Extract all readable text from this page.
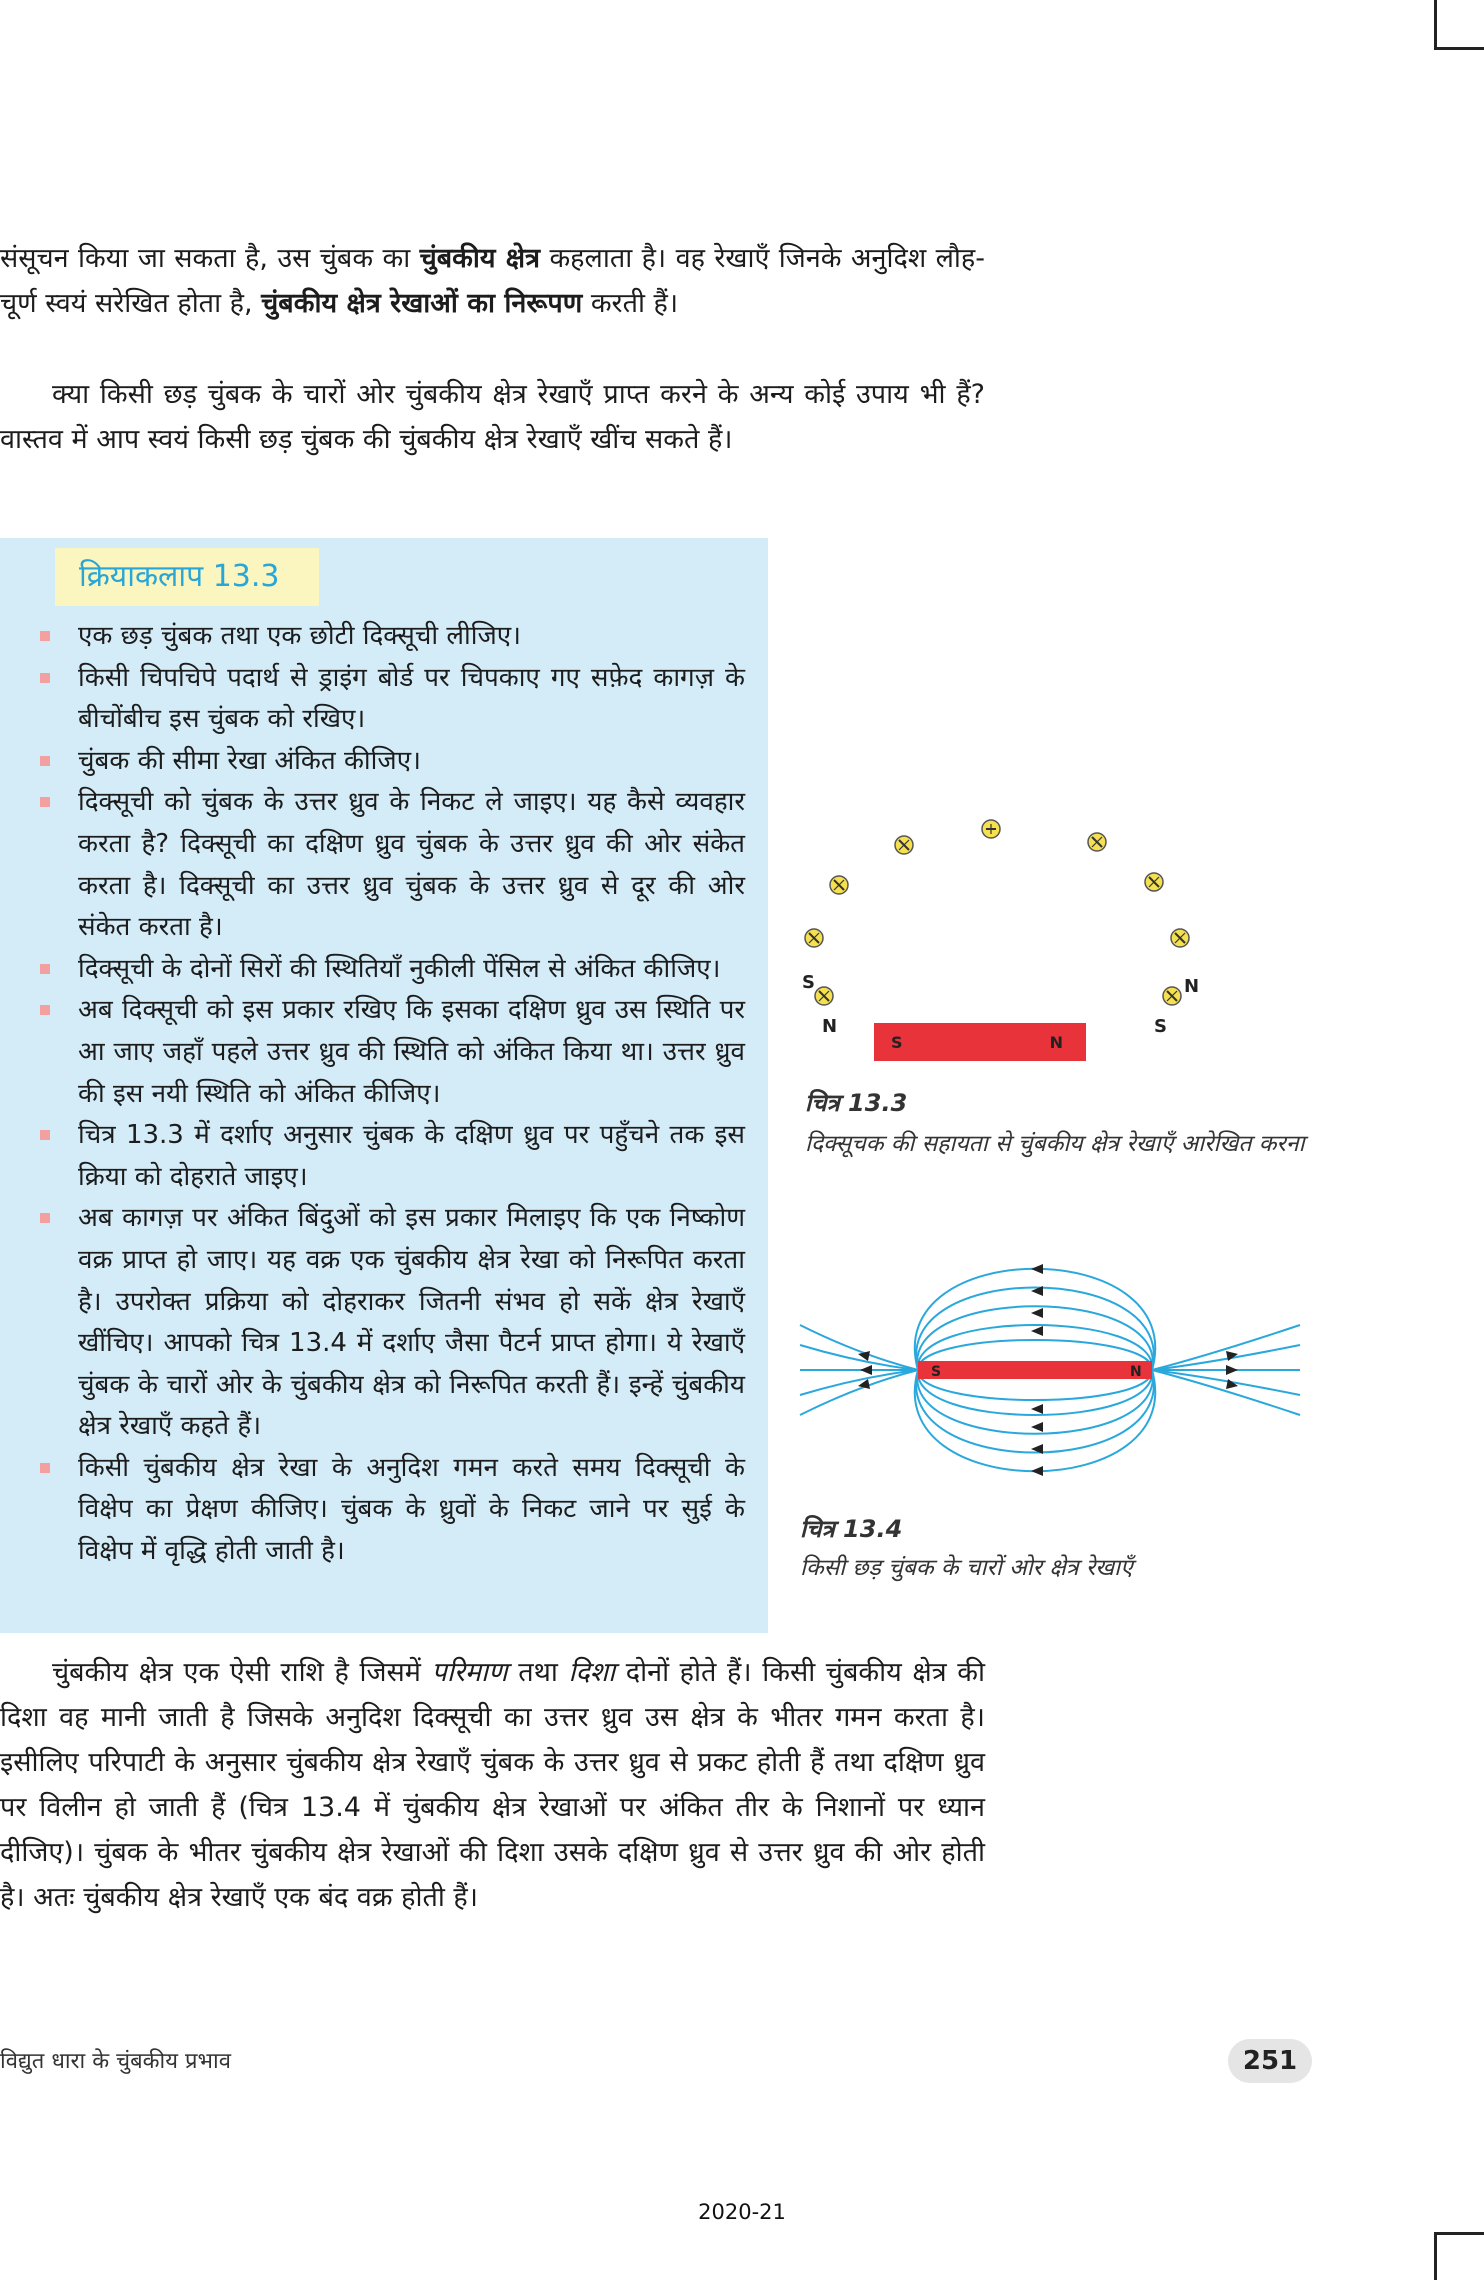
संसूचन किया जा सकता है, उस चुंबक का चुंबकीय क्षेत्र कहलाता है। वह रेखाएँ जिनके अनुदिश लौह-चूर्ण स्वयं सरेखित होता है, चुंबकीय क्षेत्र रेखाओं का निरूपण करती हैं।

क्या किसी छड़ चुंबक के चारों ओर चुंबकीय क्षेत्र रेखाएँ प्राप्त करने के अन्य कोई उपाय भी हैं? वास्तव में आप स्वयं किसी छड़ चुंबक की चुंबकीय क्षेत्र रेखाएँ खींच सकते हैं।

क्रियाकलाप 13.3
एक छड़ चुंबक तथा एक छोटी दिक्सूची लीजिए।
किसी चिपचिपे पदार्थ से ड्राइंग बोर्ड पर चिपकाए गए सफ़ेद कागज़ के बीचोंबीच इस चुंबक को रखिए।
चुंबक की सीमा रेखा अंकित कीजिए।
दिक्सूची को चुंबक के उत्तर ध्रुव के निकट ले जाइए। यह कैसे व्यवहार करता है? दिक्सूची का दक्षिण ध्रुव चुंबक के उत्तर ध्रुव की ओर संकेत करता है। दिक्सूची का उत्तर ध्रुव चुंबक के उत्तर ध्रुव से दूर की ओर संकेत करता है।
दिक्सूची के दोनों सिरों की स्थितियाँ नुकीली पेंसिल से अंकित कीजिए।
अब दिक्सूची को इस प्रकार रखिए कि इसका दक्षिण ध्रुव उस स्थिति पर आ जाए जहाँ पहले उत्तर ध्रुव की स्थिति को अंकित किया था। उत्तर ध्रुव की इस नयी स्थिति को अंकित कीजिए।
चित्र 13.3 में दर्शाए अनुसार चुंबक के दक्षिण ध्रुव पर पहुँचने तक इस क्रिया को दोहराते जाइए।
अब कागज़ पर अंकित बिंदुओं को इस प्रकार मिलाइए कि एक निष्कोण वक्र प्राप्त हो जाए। यह वक्र एक चुंबकीय क्षेत्र रेखा को निरूपित करता है। उपरोक्त प्रक्रिया को दोहराकर जितनी संभव हो सकें क्षेत्र रेखाएँ खींचिए। आपको चित्र 13.4 में दर्शाए जैसा पैटर्न प्राप्त होगा। ये रेखाएँ चुंबक के चारों ओर के चुंबकीय क्षेत्र को निरूपित करती हैं। इन्हें चुंबकीय क्षेत्र रेखाएँ कहते हैं।
किसी चुंबकीय क्षेत्र रेखा के अनुदिश गमन करते समय दिक्सूची के विक्षेप का प्रेक्षण कीजिए। चुंबक के ध्रुवों के निकट जाने पर सुई के विक्षेप में वृद्धि होती जाती है।
S	N
S
N
N
S
चित्र 13.3
दिक्सूचक की सहायता से चुंबकीय क्षेत्र रेखाएँ आरेखित करना
S	N
चित्र 13.4
किसी छड़ चुंबक के चारों ओर क्षेत्र रेखाएँ

चुंबकीय क्षेत्र एक ऐसी राशि है जिसमें परिमाण तथा दिशा दोनों होते हैं। किसी चुंबकीय क्षेत्र की दिशा वह मानी जाती है जिसके अनुदिश दिक्सूची का उत्तर ध्रुव उस क्षेत्र के भीतर गमन करता है। इसीलिए परिपाटी के अनुसार चुंबकीय क्षेत्र रेखाएँ चुंबक के उत्तर ध्रुव से प्रकट होती हैं तथा दक्षिण ध्रुव पर विलीन हो जाती हैं (चित्र 13.4 में चुंबकीय क्षेत्र रेखाओं पर अंकित तीर के निशानों पर ध्यान दीजिए)। चुंबक के भीतर चुंबकीय क्षेत्र रेखाओं की दिशा उसके दक्षिण ध्रुव से उत्तर ध्रुव की ओर होती है। अतः चुंबकीय क्षेत्र रेखाएँ एक बंद वक्र होती हैं।

विद्युत धारा के चुंबकीय प्रभाव	251
2020-21
